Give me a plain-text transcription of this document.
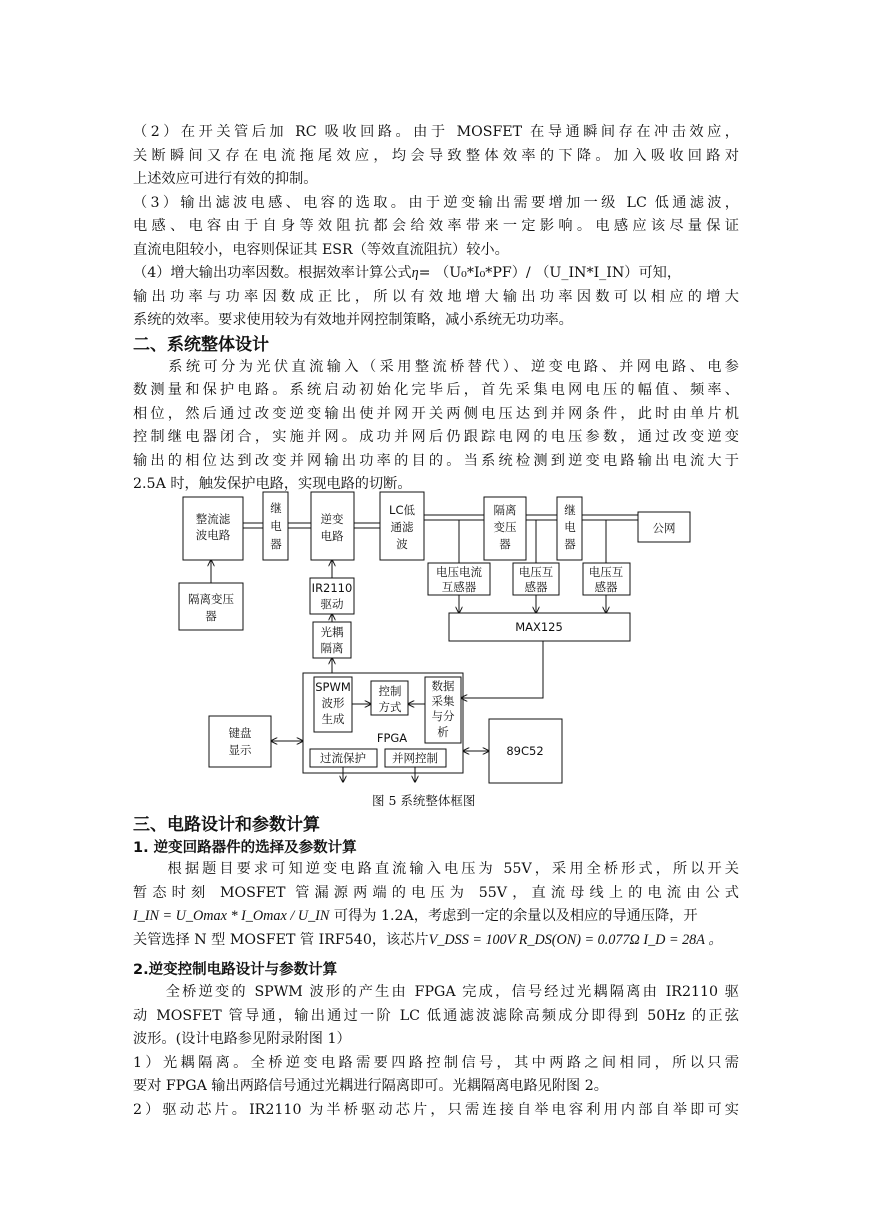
（2）在开关管后加 RC 吸收回路。由于 MOSFET 在导通瞬间存在冲击效应，
关断瞬间又存在电流拖尾效应，均会导致整体效率的下降。加入吸收回路对
上述效应可进行有效的抑制。
（3）输出滤波电感、电容的选取。由于逆变输出需要增加一级 LC 低通滤波，
电感、电容由于自身等效阻抗都会给效率带来一定影响。电感应该尽量保证
直流电阻较小，电容则保证其 ESR（等效直流阻抗）较小。
（4）增大输出功率因数。根据效率计算公式η= （U₀*I₀*PF）/ （U_IN*I_IN）可知，
输出功率与功率因数成正比，所以有效地增大输出功率因数可以相应的增大
系统的效率。要求使用较为有效地并网控制策略，减小系统无功功率。
二、系统整体设计
　　系统可分为光伏直流输入（采用整流桥替代）、逆变电路、并网电路、电参
数测量和保护电路。系统启动初始化完毕后，首先采集电网电压的幅值、频率、
相位，然后通过改变逆变输出使并网开关两侧电压达到并网条件，此时由单片机
控制继电器闭合，实施并网。成功并网后仍跟踪电网的电压参数，通过改变逆变
输出的相位达到改变并网输出功率的目的。当系统检测到逆变电路输出电流大于
2.5A 时，触发保护电路，实现电路的切断。
整流滤
波电路
继
电
器
逆变
电路
LC低
通滤
波
隔离
变压
器
继
电
器
公网
隔离变压
器
电压电流
互感器
电压互
感器
电压互
感器
IR2110
驱动
光耦
隔离
MAX125
SPWM
波形
生成
控制
方式
数据
采集
与分
析
FPGA
键盘
显示
过流保护 并网控制	89C52
图 5 系统整体框图
三、电路设计和参数计算
1. 逆变回路器件的选择及参数计算
　　根据题目要求可知逆变电路直流输入电压为 55V，采用全桥形式，所以开关
暂态时刻 MOSFET 管漏源两端的电压为 55V，直流母线上的电流由公式
I_IN = U_Omax * I_Omax / U_IN 可得为 1.2A，考虑到一定的余量以及相应的导通压降，开
关管选择 N 型 MOSFET 管 IRF540，该芯片V_DSS = 100V R_DS(ON) = 0.077Ω I_D = 28A 。
2.逆变控制电路设计与参数计算
　　全桥逆变的 SPWM 波形的产生由 FPGA 完成，信号经过光耦隔离由 IR2110 驱
动 MOSFET 管导通，输出通过一阶 LC 低通滤波滤除高频成分即得到 50Hz 的正弦
波形。(设计电路参见附录附图 1）
1）光耦隔离。全桥逆变电路需要四路控制信号，其中两路之间相同，所以只需
要对 FPGA 输出两路信号通过光耦进行隔离即可。光耦隔离电路见附图 2。
2）驱动芯片。IR2110 为半桥驱动芯片，只需连接自举电容利用内部自举即可实
